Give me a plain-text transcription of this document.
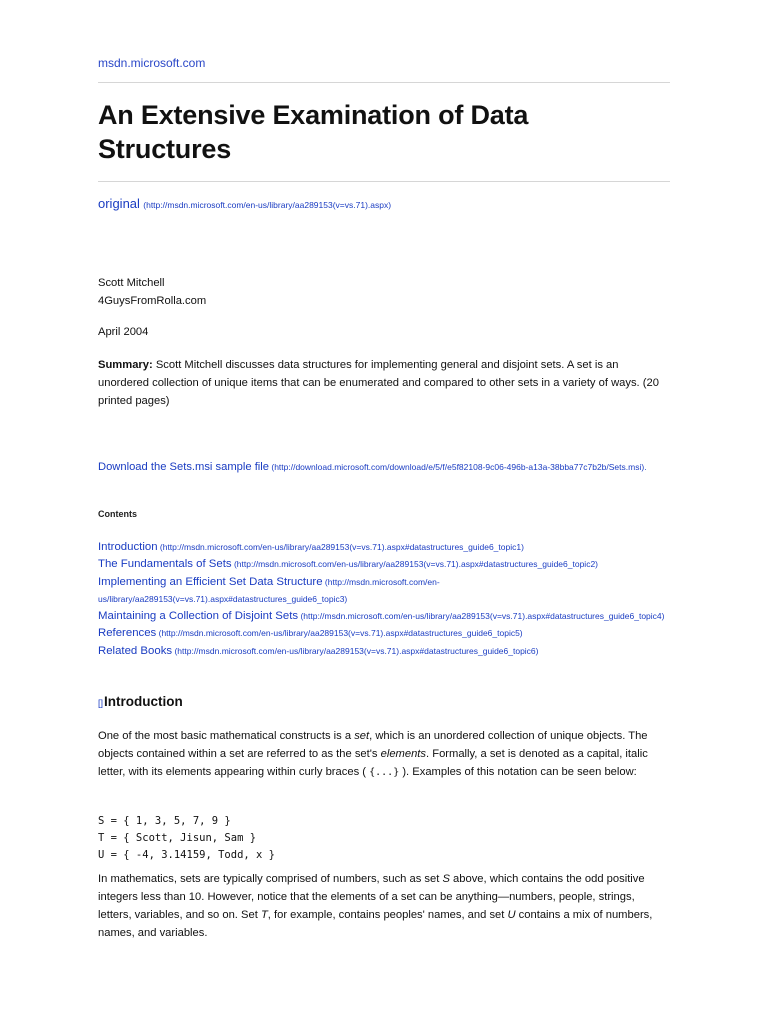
msdn.microsoft.com
An Extensive Examination of Data
Structures
original (http://msdn.microsoft.com/en-us/library/aa289153(v=vs.71).aspx)
Scott Mitchell
4GuysFromRolla.com
April 2004
Summary: Scott Mitchell discusses data structures for implementing general and disjoint sets. A set is an unordered collection of unique items that can be enumerated and compared to other sets in a variety of ways. (20 printed pages)
Download the Sets.msi sample file (http://download.microsoft.com/download/e/5/f/e5f82108-9c06-496b-a13a-38bba77c7b2b/Sets.msi).
Contents
Introduction (http://msdn.microsoft.com/en-us/library/aa289153(v=vs.71).aspx#datastructures_guide6_topic1)
The Fundamentals of Sets (http://msdn.microsoft.com/en-us/library/aa289153(v=vs.71).aspx#datastructures_guide6_topic2)
Implementing an Efficient Set Data Structure (http://msdn.microsoft.com/en-us/library/aa289153(v=vs.71).aspx#datastructures_guide6_topic3)
Maintaining a Collection of Disjoint Sets (http://msdn.microsoft.com/en-us/library/aa289153(v=vs.71).aspx#datastructures_guide6_topic4)
References (http://msdn.microsoft.com/en-us/library/aa289153(v=vs.71).aspx#datastructures_guide6_topic5)
Related Books (http://msdn.microsoft.com/en-us/library/aa289153(v=vs.71).aspx#datastructures_guide6_topic6)
[]Introduction
One of the most basic mathematical constructs is a set, which is an unordered collection of unique objects. The objects contained within a set are referred to as the set's elements. Formally, a set is denoted as a capital, italic letter, with its elements appearing within curly braces ( {...} ). Examples of this notation can be seen below:
S = { 1, 3, 5, 7, 9 }
T = { Scott, Jisun, Sam }
U = { -4, 3.14159, Todd, x }
In mathematics, sets are typically comprised of numbers, such as set S above, which contains the odd positive integers less than 10. However, notice that the elements of a set can be anything—numbers, people, strings, letters, variables, and so on. Set T, for example, contains peoples' names, and set U contains a mix of numbers, names, and variables.
